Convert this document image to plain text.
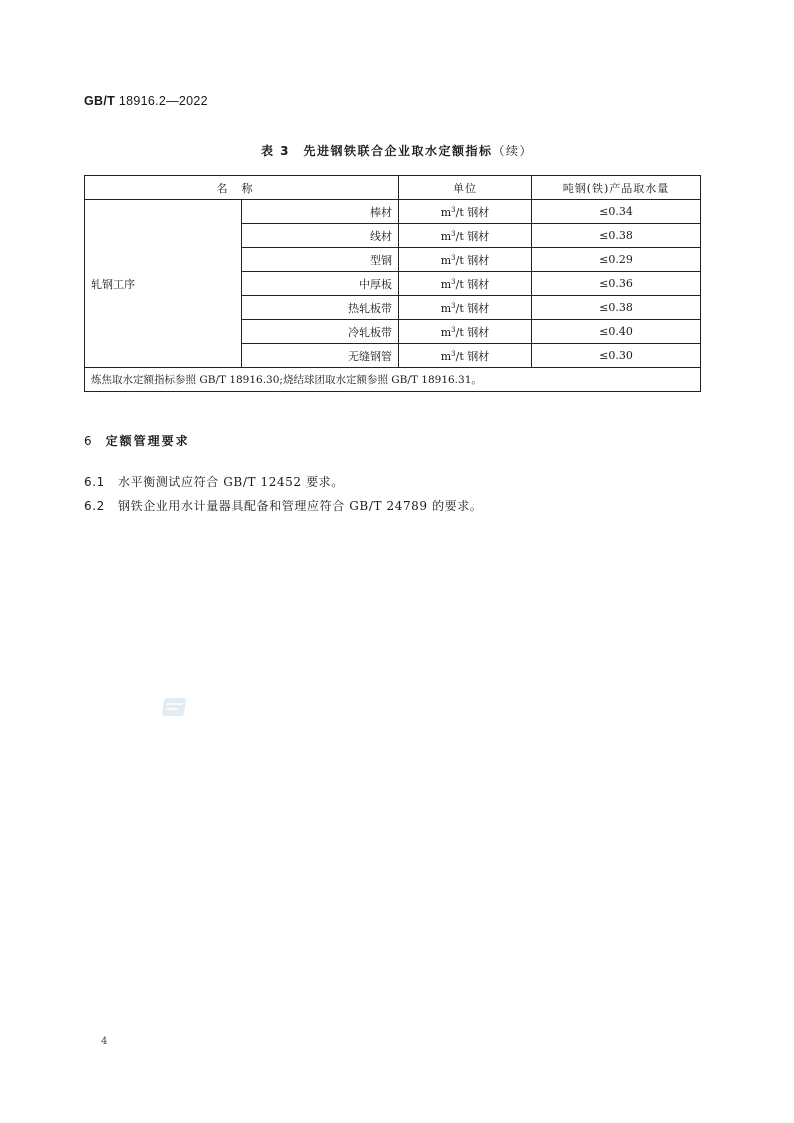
GB/T 18916.2—2022
表 3　先进钢铁联合企业取水定额指标（续）
名称		单位	吨钢(铁)产品取水量
轧钢工序	棒材	$m^3/t$ 钢材	≤0.34
	线材	$m^3/t$ 钢材	≤0.38
	型钢	$m^3/t$ 钢材	≤0.29
	中厚板	$m^3/t$ 钢材	≤0.36
	热轧板带	$m^3/t$ 钢材	≤0.38
	冷轧板带	$m^3/t$ 钢材	≤0.40
	无缝钢管	$m^3/t$ 钢材	≤0.30
炼焦取水定额指标参照 GB/T 18916.30;烧结球团取水定额参照 GB/T 18916.31。			
6 定额管理要求
6.1 水平衡测试应符合 GB/T 12452 要求。
6.2 钢铁企业用水计量器具配备和管理应符合 GB/T 24789 的要求。
4
